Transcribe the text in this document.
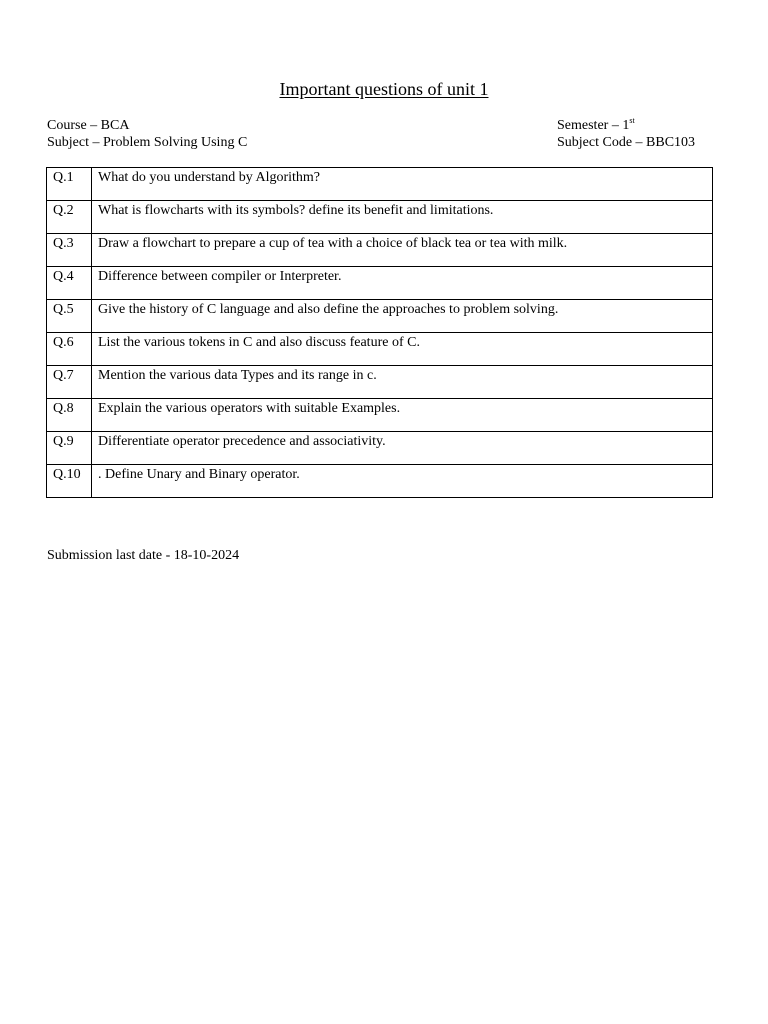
Important questions of unit 1
Course – BCA
Subject – Problem Solving Using C
Semester – 1st
Subject Code – BBC103
Q.1	What do you understand by Algorithm?
Q.2	What is flowcharts with its symbols? define its benefit and limitations.
Q.3	Draw a flowchart to prepare a cup of tea with a choice of black tea or tea with milk.
Q.4	Difference between compiler or Interpreter.
Q.5	Give the history of C language and also define the approaches to problem solving.
Q.6	List the various tokens in C and also discuss feature of C.
Q.7	Mention the various data Types and its range in c.
Q.8	Explain the various operators with suitable Examples.
Q.9	Differentiate operator precedence and associativity.
Q.10	. Define Unary and Binary operator.
Submission last date - 18-10-2024
